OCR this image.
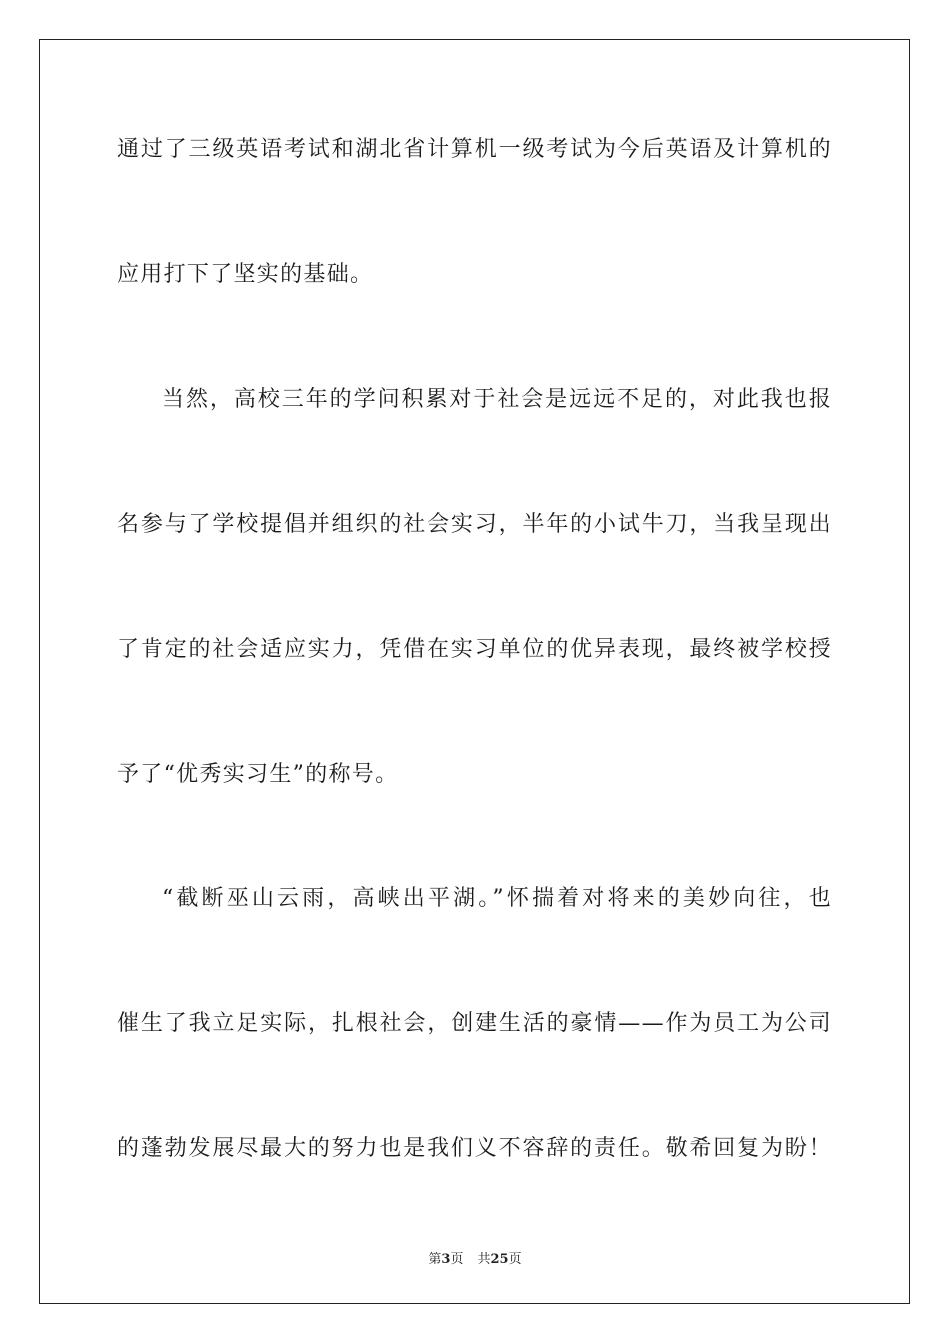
通过了三级英语考试和湖北省计算机一级考试为今后英语及计算机的
应用打下了坚实的基础。
当然，高校三年的学问积累对于社会是远远不足的，对此我也报
名参与了学校提倡并组织的社会实习，半年的小试牛刀，当我呈现出
了肯定的社会适应实力，凭借在实习单位的优异表现，最终被学校授
予了“优秀实习生”的称号。
“截断巫山云雨，高峡出平湖。”怀揣着对将来的美妙向往，也
催生了我立足实际，扎根社会，创建生活的豪情——作为员工为公司
的蓬勃发展尽最大的努力也是我们义不容辞的责任。敬希回复为盼！
第3页 共25页
